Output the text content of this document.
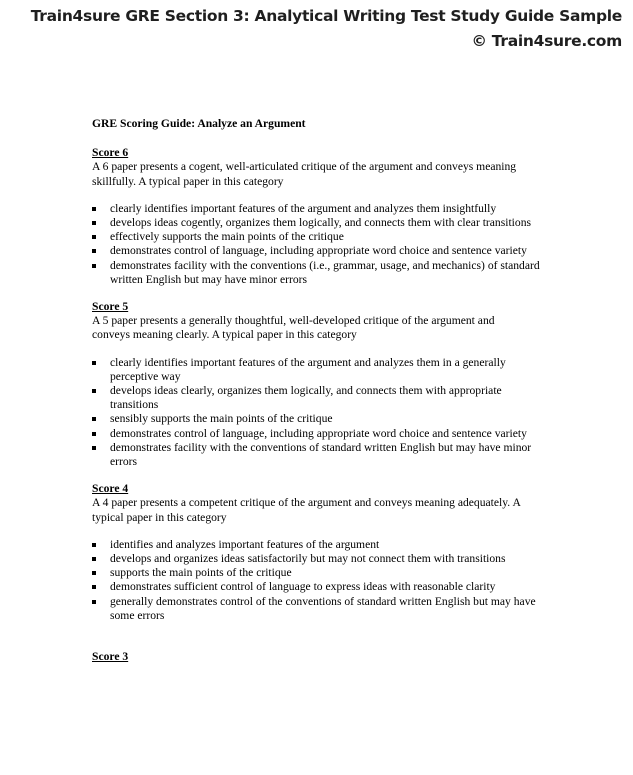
Train4sure GRE Section 3: Analytical Writing Test Study Guide Sample
© Train4sure.com
GRE Scoring Guide: Analyze an Argument
Score 6
A 6 paper presents a cogent, well-articulated critique of the argument and conveys meaning skillfully. A typical paper in this category
clearly identifies important features of the argument and analyzes them insightfully
develops ideas cogently, organizes them logically, and connects them with clear transitions
effectively supports the main points of the critique
demonstrates control of language, including appropriate word choice and sentence variety
demonstrates facility with the conventions (i.e., grammar, usage, and mechanics) of standard written English but may have minor errors
Score 5
A 5 paper presents a generally thoughtful, well-developed critique of the argument and conveys meaning clearly. A typical paper in this category
clearly identifies important features of the argument and analyzes them in a generally perceptive way
develops ideas clearly, organizes them logically, and connects them with appropriate transitions
sensibly supports the main points of the critique
demonstrates control of language, including appropriate word choice and sentence variety
demonstrates facility with the conventions of standard written English but may have minor errors
Score 4
A 4 paper presents a competent critique of the argument and conveys meaning adequately. A typical paper in this category
identifies and analyzes important features of the argument
develops and organizes ideas satisfactorily but may not connect them with transitions
supports the main points of the critique
demonstrates sufficient control of language to express ideas with reasonable clarity
generally demonstrates control of the conventions of standard written English but may have some errors
Score 3
